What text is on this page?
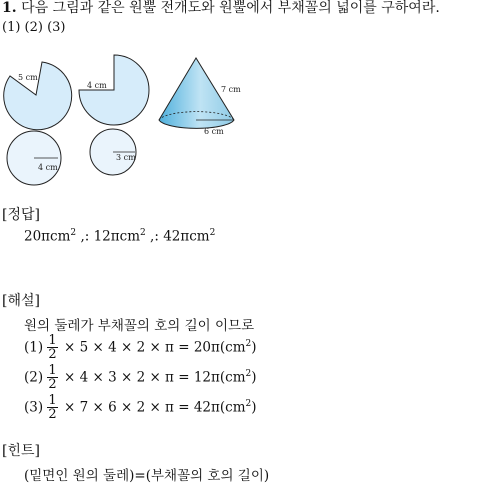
1. 다음 그림과 같은 원뿔 전개도와 원뿔에서 부채꼴의 넓이를 구하여라.
(1) (2) (3)
5 cm
4 cm
4 cm
3 cm
7 cm
6 cm
[정답]
20πcm$^2$ ,: 12πcm$^2$ ,: 42πcm$^2$
[해설]
원의 둘레가 부채꼴의 호의 길이 이므로
$(1) \frac{1}{2} \times 5 \times 4 \times 2 \times \pi = 20\pi(cm^2)$
$(2) \frac{1}{2} \times 4 \times 3 \times 2 \times \pi = 12\pi(cm^2)$
$(3) \frac{1}{2} \times 7 \times 6 \times 2 \times \pi = 42\pi(cm^2)$
[힌트]
(밑면인 원의 둘레)=(부채꼴의 호의 길이)
